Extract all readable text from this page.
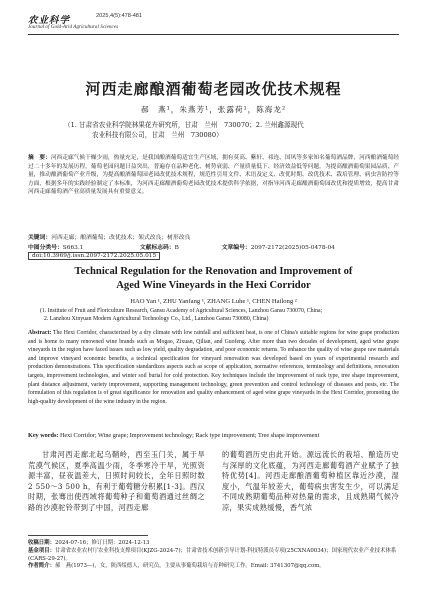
农业科学	2025,4(5):478-481
Journal of Gold-Arid Agricultural Sciences
河西走廊酿酒葡萄老园改优技术规程
郝　燕¹，朱燕芳¹，张露荷¹，陈海龙²
（1. 甘肃省农业科学院林果花卉研究所，甘肃　兰州　730070；2. 兰州鑫源现代
农业科技有限公司，甘肃　兰州　730080）
摘　要：河西走廊气候干燥少雨，热量充足，是我国酿酒葡萄适宜生产区域，拥有莫高、紫轩、祁连、国风等多家知名葡萄酒品牌，河西酿酒葡萄经过二十多年的发展历程，葡萄老园问题日益突出，普遍存在品种老化、树势衰弱、产量质量低下、经济效益低等问题。为提高酿酒葡萄果园品质、产量，推动酿酒葡萄产业升级，为提高酿酒葡萄园老园改优技术规程，规范性引用文件、术语及定义、改优时期、改优技术、栽培管理、病虫害防控等方面，根据多年的实践经验制定了本标准，为河西走廊酿酒葡萄老园改优技术提供科学依据，对指导河西走廊酿酒葡萄园改优和提质增效，提高甘肃河西走廊葡萄酒产业高质量发展具有重要意义。
关键词：河西走廊；酿酒葡萄；改优技术；架式改良；树形改良
中图分类号：S663.1	文献标志码：B	文章编号：2097-2172(2025)05-0478-04
doi:10.3969/j.issn.2097-2172.2025.05.015
Technical Regulation for the Renovation and Improvement of
Aged Wine Vineyards in the Hexi Corridor
HAO Yan ¹, ZHU Yanfang ¹, ZHANG Luhe ¹, CHEN Hailong ²
(1. Institute of Fruit and Floriculture Research, Gansu Academy of Agricultural Sciences, Lanzhou Gansu 730070, China;
2. Lanzhou Xinyuan Modern Agricultural Technology Co., Ltd., Lanzhou Gansu 730080, China)
Abstract: The Hexi Corridor, characterized by a dry climate with low rainfall and sufficient heat, is one of China's suitable regions for wine grape production and is home to many renowned wine brands such as Mogao, Zixuan, Qilian, and Guofeng. After more than two decades of development, aged wine grape vineyards in the region have faced issues such as low yield, quality degradation, and poor economic returns. To enhance the quality of wine grape raw materials and improve vineyard economic benefits, a technical specification for vineyard renovation was developed based on years of experimental research and production demonstrations. This specification standardizes aspects such as scope of application, normative references, terminology and definitions, renovation targets, improvement technologies, and winter soil burial for cold protection. Key techniques include the improvement of rack type, tree shape improvement, plant distance adjustment, variety improvement, supporting management technology, green prevention and control technology of diseases and pests, etc. The formulation of this regulation is of great significance for renovation and quality enhancement of aged wine grape vineyards in the Hexi Corridor, promoting the high-quality development of the wine industry in the region.
Key words: Hexi Corridor; Wine grape; Improvement technology; Rack type improvement; Tree shape improvement
甘肃河西走廊北起乌鞘岭，西至玉门关，属于旱荒漠气候区，夏季高温少雨，冬季寒冷干旱，光照资源丰富，昼夜温差大，日照时间较长，全年日照时数 2 550～3 500 h，有利于葡萄糖分积累[1-3]。西汉时期，张骞出使西域将葡萄种子和葡萄酒通过丝绸之路的沙漠驼铃带到了中国，河西走廊
的葡萄酒历史由此开始。源远流长的栽培、酿造历史与深厚的文化底蕴，为河西走廊葡萄酒产业赋予了独特优势[4]。河西走廊酿酒葡萄种植区靠近沙漠，湿度小，气温年较差大，葡萄病虫害发生少，可以满足不同成熟期葡萄品种对热量的需求，且成熟期气候冷凉，果实成熟缓慢，香气浓
收稿日期：2024-07-16；修订日期：2024-12-13
基金项目：甘肃省农业农村厅农业科技支撑项目(KJZG-2024-7)；甘肃省技术创新引导计划-科技特派员专项(25CXNA0034)；国家现代农业产业技术体系(CARS-29-27)。
作者简介：郝　燕(1973—)，女，陕西绥德人，研究员，主要从事葡萄栽培与育种研究工作。Email: 3741307@qq.com。
